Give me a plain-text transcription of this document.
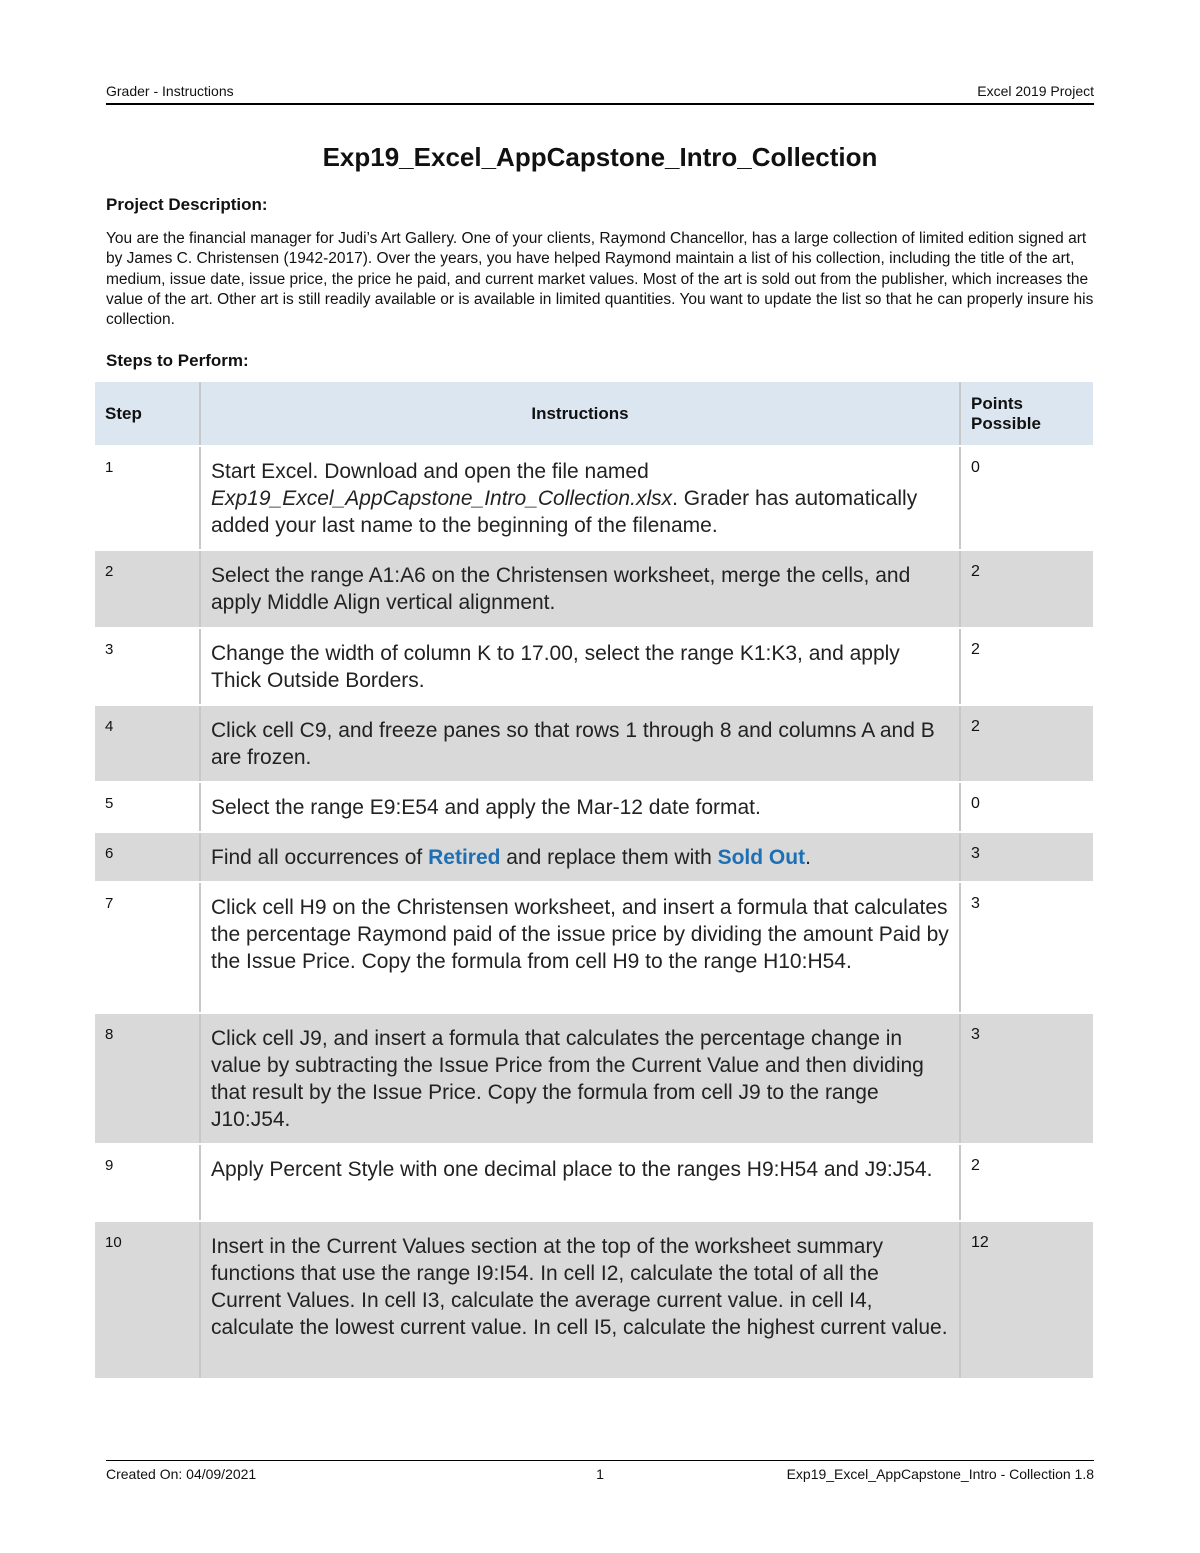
Grader - Instructions	Excel 2019 Project
Exp19_Excel_AppCapstone_Intro_Collection
Project Description:

You are the financial manager for Judi’s Art Gallery. One of your clients, Raymond Chancellor, has a large collection of limited edition signed art by James C. Christensen (1942-2017). Over the years, you have helped Raymond maintain a list of his collection, including the title of the art, medium, issue date, issue price, the price he paid, and current market values. Most of the art is sold out from the publisher, which increases the value of the art. Other art is still readily available or is available in limited quantities. You want to update the list so that he can properly insure his collection.

Steps to Perform:
Step	Instructions	Points Possible

1	Start Excel. Download and open the file named Exp19_Excel_AppCapstone_Intro_Collection.xlsx. Grader has automatically added your last name to the beginning of the filename.	0

2	Select the range A1:A6 on the Christensen worksheet, merge the cells, and apply Middle Align vertical alignment.	2

3	Change the width of column K to 17.00, select the range K1:K3, and apply Thick Outside Borders.	2

4	Click cell C9, and freeze panes so that rows 1 through 8 and columns A and B are frozen.	2

5	Select the range E9:E54 and apply the Mar-12 date format.	0

6	Find all occurrences of Retired and replace them with Sold Out.	3

7	Click cell H9 on the Christensen worksheet, and insert a formula that calculates the percentage Raymond paid of the issue price by dividing the amount Paid by the Issue Price. Copy the formula from cell H9 to the range H10:H54.	3

8	Click cell J9, and insert a formula that calculates the percentage change in value by subtracting the Issue Price from the Current Value and then dividing that result by the Issue Price. Copy the formula from cell J9 to the range J10:J54.	3

9	Apply Percent Style with one decimal place to the ranges H9:H54 and J9:J54.	2

10	Insert in the Current Values section at the top of the worksheet summary functions that use the range I9:I54. In cell I2, calculate the total of all the Current Values. In cell I3, calculate the average current value. in cell I4, calculate the lowest current value. In cell I5, calculate the highest current value.	12
Created On: 04/09/2021	1	Exp19_Excel_AppCapstone_Intro - Collection 1.8
